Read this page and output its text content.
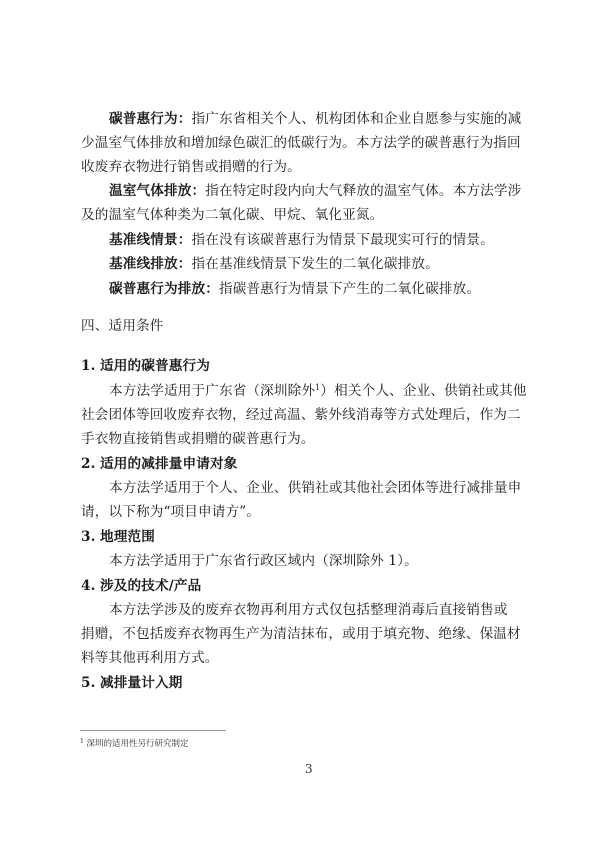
碳普惠行为：指广东省相关个人、机构团体和企业自愿参与实施的减
少温室气体排放和增加绿色碳汇的低碳行为。本方法学的碳普惠行为指回
收废弃衣物进行销售或捐赠的行为。
温室气体排放：指在特定时段内向大气释放的温室气体。本方法学涉
及的温室气体种类为二氧化碳、甲烷、氧化亚氮。
基准线情景：指在没有该碳普惠行为情景下最现实可行的情景。
基准线排放：指在基准线情景下发生的二氧化碳排放。
碳普惠行为排放：指碳普惠行为情景下产生的二氧化碳排放。
四、适用条件
1. 适用的碳普惠行为
本方法学适用于广东省（深圳除外$^1$）相关个人、企业、供销社或其他
社会团体等回收废弃衣物，经过高温、紫外线消毒等方式处理后，作为二
手衣物直接销售或捐赠的碳普惠行为。
2. 适用的减排量申请对象
本方法学适用于个人、企业、供销社或其他社会团体等进行减排量申
请，以下称为“项目申请方”。
3. 地理范围
本方法学适用于广东省行政区域内（深圳除外 1）。
4. 涉及的技术/产品
本方法学涉及的废弃衣物再利用方式仅包括整理消毒后直接销售或
捐赠，不包括废弃衣物再生产为清洁抹布，或用于填充物、绝缘、保温材
料等其他再利用方式。
5. 减排量计入期
$^1$ 深圳的适用性另行研究制定
3
